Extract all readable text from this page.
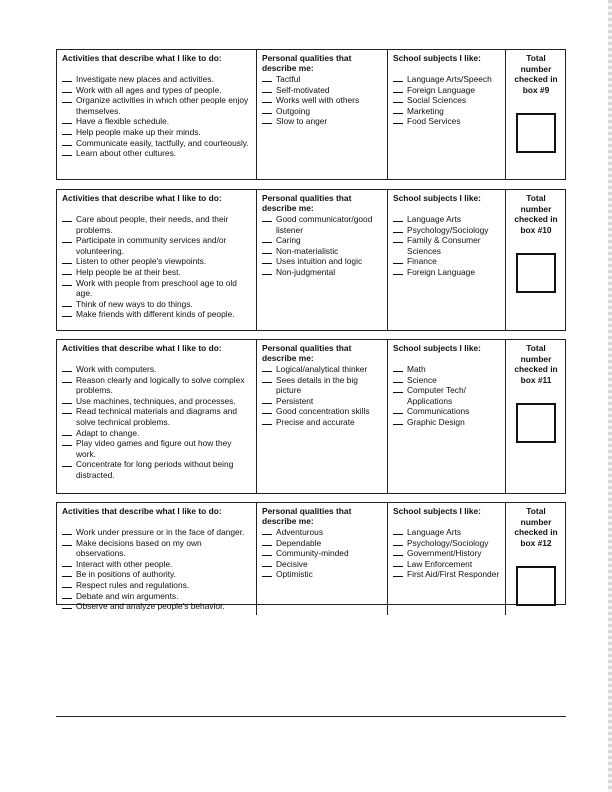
Activities that describe what I like to do:
Investigate new places and activities.
Work with all ages and types of people.
Organize activities in which other people enjoy themselves.
Have a flexible schedule.
Help people make up their minds.
Communicate easily, tactfully, and courteously.
Learn about other cultures.
Personal qualities that describe me:
Tactful
Self-motivated
Works well with others
Outgoing
Slow to anger
School subjects I like:
Language Arts/Speech
Foreign Language
Social Sciences
Marketing
Food Services
Total number checked in box #9
Activities that describe what I like to do:
Care about people, their needs, and their problems.
Participate in community services and/or volunteering.
Listen to other people's viewpoints.
Help people be at their best.
Work with people from preschool age to old age.
Think of new ways to do things.
Make friends with different kinds of people.
Personal qualities that describe me:
Good communicator/good listener
Caring
Non-materialistic
Uses intuition and logic
Non-judgmental
School subjects I like:
Language Arts
Psychology/Sociology
Family & Consumer Sciences
Finance
Foreign Language
Total number checked in box #10
Activities that describe what I like to do:
Work with computers.
Reason clearly and logically to solve complex problems.
Use machines, techniques, and processes.
Read technical materials and diagrams and solve technical problems.
Adapt to change.
Play video games and figure out how they work.
Concentrate for long periods without being distracted.
Personal qualities that describe me:
Logical/analytical thinker
Sees details in the big picture
Persistent
Good concentration skills
Precise and accurate
School subjects I like:
Math
Science
Computer Tech/ Applications
Communications
Graphic Design
Total number checked in box #11
Activities that describe what I like to do:
Work under pressure or in the face of danger.
Make decisions based on my own observations.
Interact with other people.
Be in positions of authority.
Respect rules and regulations.
Debate and win arguments.
Observe and analyze people's behavior.
Personal qualities that describe me:
Adventurous
Dependable
Community-minded
Decisive
Optimistic
School subjects I like:
Language Arts
Psychology/Sociology
Government/History
Law Enforcement
First Aid/First Responder
Total number checked in box #12
